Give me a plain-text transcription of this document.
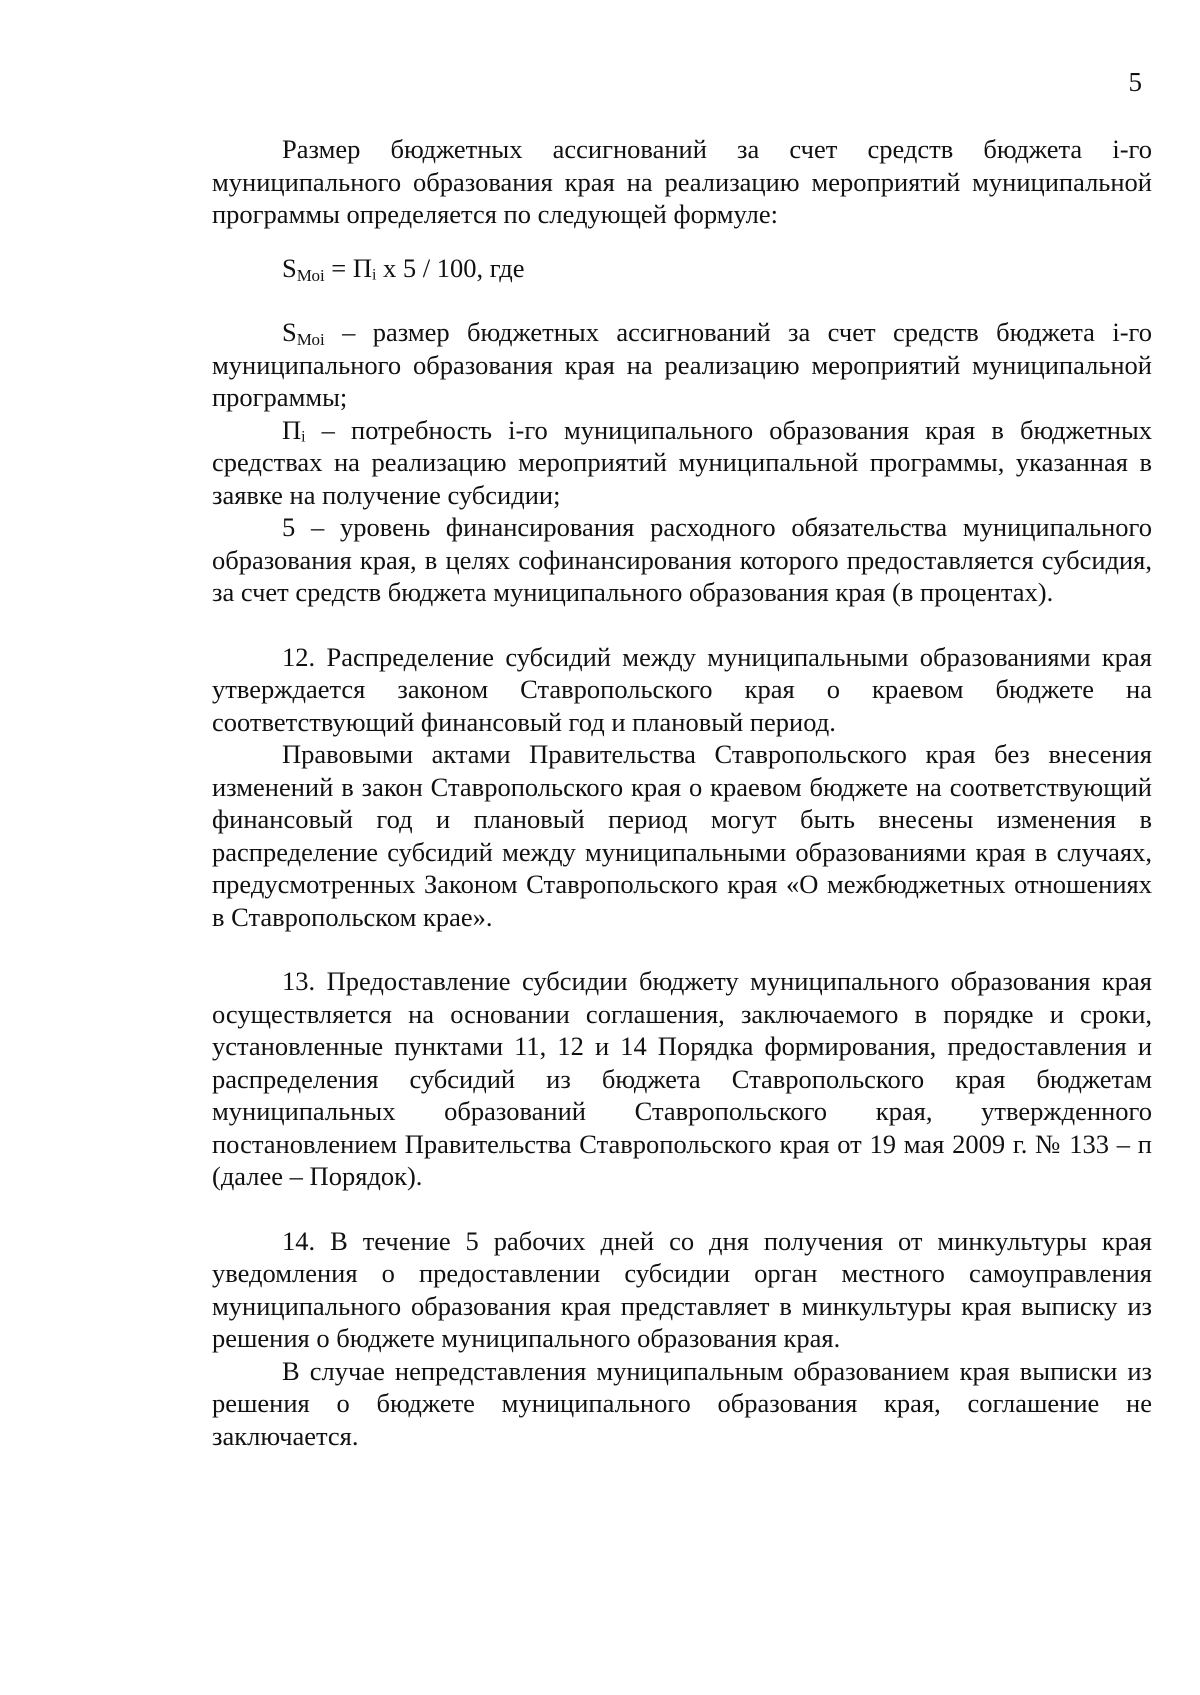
5

Размер бюджетных ассигнований за счет средств бюджета i-го муниципального образования края на реализацию мероприятий муниципальной программы определяется по следующей формуле:

$S_{Моi}$ = Пᵢ х 5 / 100, где

$S_{Моi}$ – размер бюджетных ассигнований за счет средств бюджета i-го муниципального образования края на реализацию мероприятий муниципальной программы;

Пᵢ – потребность i-го муниципального образования края в бюджетных средствах на реализацию мероприятий муниципальной программы, указанная в заявке на получение субсидии;

5 – уровень финансирования расходного обязательства муниципального образования края, в целях софинансирования которого предоставляется субсидия, за счет средств бюджета муниципального образования края (в процентах).

12. Распределение субсидий между муниципальными образованиями края утверждается законом Ставропольского края о краевом бюджете на соответствующий финансовый год и плановый период.

Правовыми актами Правительства Ставропольского края без внесения изменений в закон Ставропольского края о краевом бюджете на соответствующий финансовый год и плановый период могут быть внесены изменения в распределение субсидий между муниципальными образованиями края в случаях, предусмотренных Законом Ставропольского края «О межбюджетных отношениях в Ставропольском крае».

13. Предоставление субсидии бюджету муниципального образования края осуществляется на основании соглашения, заключаемого в порядке и сроки, установленные пунктами 11, 12 и 14 Порядка формирования, предоставления и распределения субсидий из бюджета Ставропольского края бюджетам муниципальных образований Ставропольского края, утвержденного постановлением Правительства Ставропольского края от 19 мая 2009 г. № 133 – п (далее – Порядок).

14. В течение 5 рабочих дней со дня получения от минкультуры края уведомления о предоставлении субсидии орган местного самоуправления муниципального образования края представляет в минкультуры края выписку из решения о бюджете муниципального образования края.

В случае непредставления муниципальным образованием края выписки из решения о бюджете муниципального образования края, соглашение не заключается.
